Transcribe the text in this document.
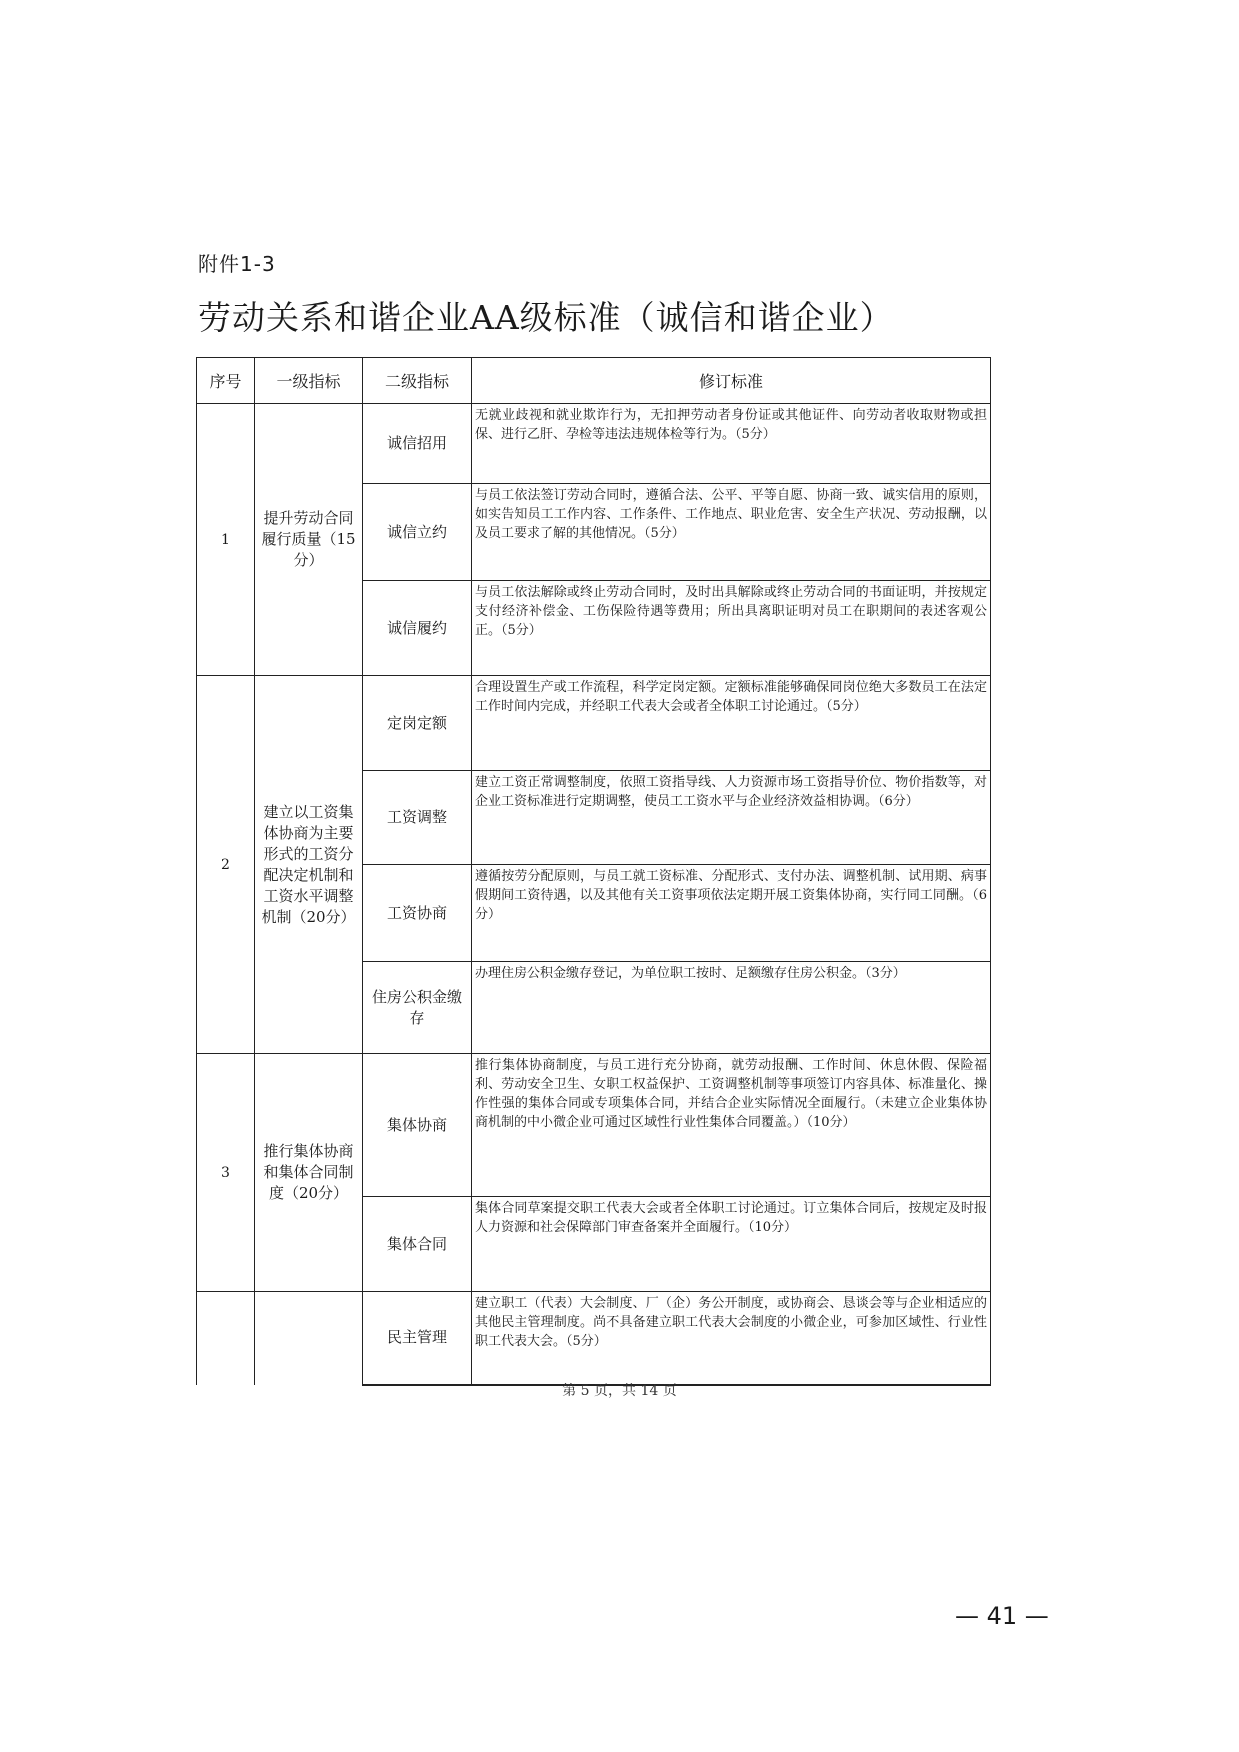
附件1-3
劳动关系和谐企业AA级标准（诚信和谐企业）
序号	一级指标	二级指标	修订标准
1	提升劳动合同履行质量（15分）	诚信招用	无就业歧视和就业欺诈行为，无扣押劳动者身份证或其他证件、向劳动者收取财物或担保、进行乙肝、孕检等违法违规体检等行为。（5分）
		诚信立约	与员工依法签订劳动合同时，遵循合法、公平、平等自愿、协商一致、诚实信用的原则，如实告知员工工作内容、工作条件、工作地点、职业危害、安全生产状况、劳动报酬，以及员工要求了解的其他情况。（5分）
		诚信履约	与员工依法解除或终止劳动合同时，及时出具解除或终止劳动合同的书面证明，并按规定支付经济补偿金、工伤保险待遇等费用；所出具离职证明对员工在职期间的表述客观公正。（5分）
2	建立以工资集体协商为主要形式的工资分配决定机制和工资水平调整机制（20分）	定岗定额	合理设置生产或工作流程，科学定岗定额。定额标准能够确保同岗位绝大多数员工在法定工作时间内完成，并经职工代表大会或者全体职工讨论通过。（5分）
		工资调整	建立工资正常调整制度，依照工资指导线、人力资源市场工资指导价位、物价指数等，对企业工资标准进行定期调整，使员工工资水平与企业经济效益相协调。（6分）
		工资协商	遵循按劳分配原则，与员工就工资标准、分配形式、支付办法、调整机制、试用期、病事假期间工资待遇，以及其他有关工资事项依法定期开展工资集体协商，实行同工同酬。（6分）
		住房公积金缴存	办理住房公积金缴存登记，为单位职工按时、足额缴存住房公积金。（3分）
3	推行集体协商和集体合同制度（20分）	集体协商	推行集体协商制度，与员工进行充分协商，就劳动报酬、工作时间、休息休假、保险福利、劳动安全卫生、女职工权益保护、工资调整机制等事项签订内容具体、标准量化、操作性强的集体合同或专项集体合同，并结合企业实际情况全面履行。（未建立企业集体协商机制的中小微企业可通过区域性行业性集体合同覆盖。）（10分）
		集体合同	集体合同草案提交职工代表大会或者全体职工讨论通过。订立集体合同后，按规定及时报人力资源和社会保障部门审查备案并全面履行。（10分）
		民主管理	建立职工（代表）大会制度、厂（企）务公开制度，或协商会、恳谈会等与企业相适应的其他民主管理制度。尚不具备建立职工代表大会制度的小微企业，可参加区域性、行业性职工代表大会。（5分）
第 5 页，共 14 页
— 41 —
